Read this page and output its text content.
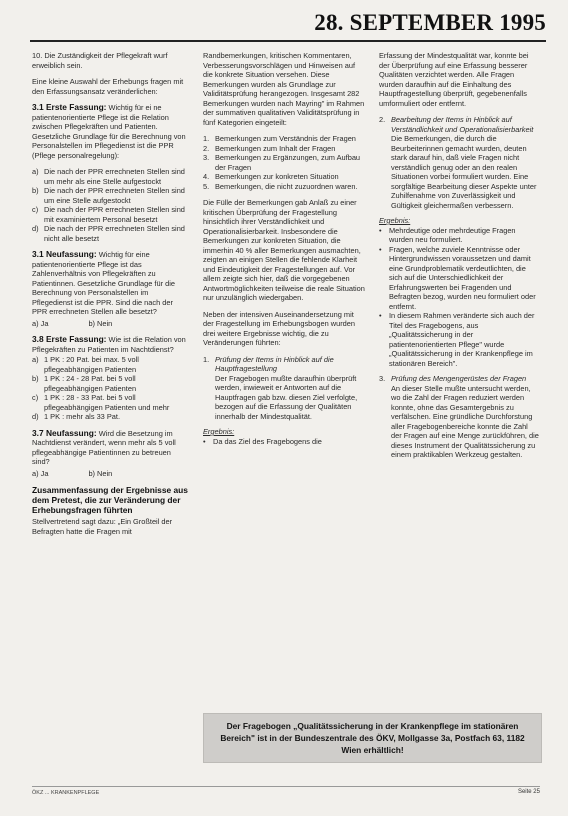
28. SEPTEMBER 1995

10. Die Zuständigkeit der Pflegekraft wurf erweiblich sein.

Eine kleine Auswahl der Erhebungs fragen mit den Erfassungsansatz veränderlichen:

3.1 Erste Fassung: Wichtig für ei ne patientenorientierte Pflege ist die Relation zwischen Pflegekräften und Patienten. Gesetzliche Grundlage für die Berechnung von Personalstellen im Pflegedienst ist die PPR (Pflege personalregelung):

a) Die nach der PPR errechneten Stellen sind um mehr als eine Stelle aufgestockt
b) Die nach der PPR errechneten Stellen sind um eine Stelle aufgestockt
c) Die nach der PPR errechneten Stellen sind mit examiniertem Personal besetzt
d) Die nach der PPR errechneten Stellen sind nicht alle besetzt

3.1 Neufassung: Wichtig für eine patientenorientierte Pflege ist das Zahlenverhältnis von Pflegekräften zu Patientinnen. Gesetzliche Grundlage für die Berechnung von Personalstellen im Pflegedienst ist die PPR. Sind die nach der PPR errechneten Stellen alle besetzt?

a) Ja	b) Nein

3.8 Erste Fassung: Wie ist die Relation von Pflegekräften zu Patienten im Nachtdienst?

a) 1 PK : 20 Pat. bei max. 5 voll pflegeabhängigen Patienten
b) 1 PK : 24 - 28 Pat. bei 5 voll pflegeabhängigen Patienten
c) 1 PK : 28 - 33 Pat. bei 5 voll pflegeabhängigen Patienten und mehr
d) 1 PK : mehr als 33 Pat.

3.7 Neufassung: Wird die Besetzung im Nachtdienst verändert, wenn mehr als 5 voll pflegeabhängige Patientinnen zu betreuen sind?

a) Ja	b) Nein
Zusammenfassung der Ergebnisse aus dem Pretest, die zur Veränderung der Erhebungsfragen führten

Stellvertretend sagt dazu: „Ein Großteil der Befragten hatte die Fragen mit

Randbemerkungen, kritischen Kommentaren, Verbesserungsvorschlägen und Hinweisen auf die konkrete Situation versehen. Diese Bemerkungen wurden als Grundlage zur Validitätsprüfung herangezogen. Insgesamt 282 Bemerkungen wurden nach Mayring" im Rahmen der summativen qualitativen Validitätsprüfung in fünf Kategorien eingeteilt:

1. Bemerkungen zum Verständnis der Fragen
2. Bemerkungen zum Inhalt der Fragen
3. Bemerkungen zu Ergänzungen, zum Aufbau der Fragen
4. Bemerkungen zur konkreten Situation
5. Bemerkungen, die nicht zuzuordnen waren.

Die Fülle der Bemerkungen gab Anlaß zu einer kritischen Überprüfung der Fragestellung hinsichtlich ihrer Verständlichkeit und Operationalisierbarkeit. Insbesondere die Bemerkungen zur konkreten Situation, die immerhin 40 % aller Bemerkungen ausmachten, zeigten an einigen Stellen die fehlende Klarheit und Eindeutigkeit der Fragestellungen auf. Vor allem zeigte sich hier, daß die vorgegebenen Antwortmöglichkeiten teilweise die reale Situation nur unzulänglich wiedergaben.

Neben der intensiven Auseinandersetzung mit der Fragestellung im Erhebungsbogen wurden drei weitere Ergebnisse wichtig, die zu Veränderungen führten:

1. Prüfung der Items in Hinblick auf die Hauptfragestellung
Der Fragebogen mußte daraufhin überprüft werden, inwieweit er Antworten auf die Hauptfragen gab bzw. diesen Ziel verfolgte, bezogen auf die Erfassung der Qualitäten innerhalb der Mindestqualität.

Ergebnis:

• Da das Ziel des Fragebogens die

Erfassung der Mindestqualität war, konnte bei der Überprüfung auf eine Erfassung besserer Qualitäten verzichtet werden. Alle Fragen wurden daraufhin auf die Einhaltung des Hauptfragestellung überprüft, gegebenenfalls umformuliert oder entfernt.

2. Bearbeitung der Items in Hinblick auf Verständlichkeit und Operationalisierbarkeit
Die Bemerkungen, die durch die Beurbeiterinnen gemacht wurden, deuten stark darauf hin, daß viele Fragen nicht verständlich genug oder an den realen Situationen vorbei formuliert wurden. Eine sorgfältige Bearbeitung dieser Aspekte unter Zuhilfenahme von Zuverlässigkeit und Gültigkeit gleichermaßen verbessern.

Ergebnis:

• Mehrdeutige oder mehrdeutige Fragen wurden neu formuliert.
• Fragen, welche zuviele Kenntnisse oder Hintergrundwissen voraussetzen und damit eine Grundproblematik verdeutlichten, die sich auf die Unterschiedlichkeit der Erfahrungswerten bei Fragenden und Befragten bezog, wurden neu formuliert oder entfernt.
• In diesem Rahmen veränderte sich auch der Titel des Fragebogens, aus „Qualitätssicherung in der patientenorientierten Pflege" wurde „Qualitätssicherung in der Krankenpflege im stationären Bereich".
3. Prüfung des Mengengerüstes der Fragen
An dieser Stelle mußte untersucht werden, wo die Zahl der Fragen reduziert werden konnte, ohne das Gesamtergebnis zu verfälschen. Eine gründliche Durchforstung aller Fragebogenbereiche konnte die Zahl der Fragen auf eine Menge zurückführen, die dieses Instrument der Qualitätssicherung zu einem praktikablen Werkzeug gestalten.
Der Fragebogen „Qualitätssicherung in der Krankenpflege im stationären Bereich" ist in der Bundeszentrale des ÖKV, Mollgasse 3a, Postfach 63, 1182 Wien erhältlich!
ÖKZ ... KRANKENPFLEGE	Seite 25
